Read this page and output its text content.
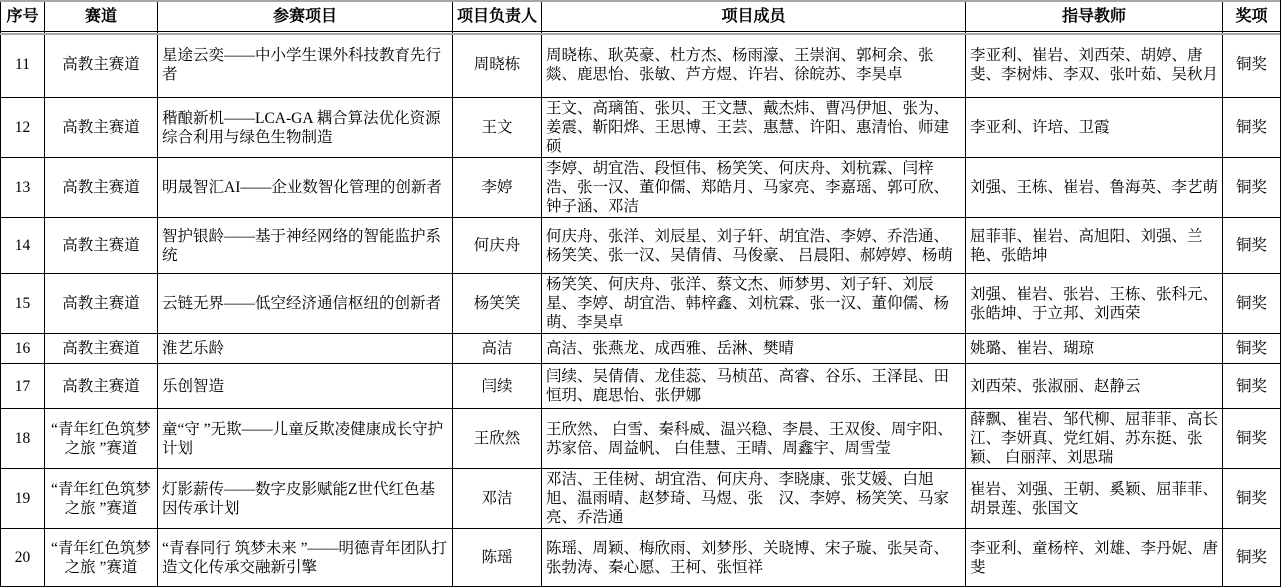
序号	赛道	参赛项目	项目负责人	项目成员	指导教师	奖项
11	高教主赛道	星途云奕——中小学生课外科技教育先行者	周晓栋	周晓栋、耿英豪、杜方杰、杨雨濠、王崇润、郭柯余、张燚、鹿思怡、张敏、芦方煜、许岩、徐皖苏、李昊卓	李亚利、崔岩、刘西荣、胡婷、唐斐、李树炜、李双、张叶茹、吴秋月	铜奖
12	高教主赛道	稭酿新机——LCA-GA 耦合算法优化资源综合利用与绿色生物制造	王文	王文、高璃笛、张贝、王文慧、戴杰炜、曹冯伊旭、张为、姜震、靳阳烨、王思博、王芸、惠慧、许阳、惠清怡、师建硕	李亚利、许培、卫霞	铜奖
13	高教主赛道	明晟智汇AI——企业数智化管理的创新者	李婷	李婷、胡宜浩、段恒伟、杨笑笑、何庆舟、刘杭霖、闫梓浩、张一汉、董仰儒、郑皓月、马家亮、李嘉瑶、郭可欣、钟子涵、邓洁	刘强、王栋、崔岩、鲁海英、李艺萌	铜奖
14	高教主赛道	智护银龄——基于神经网络的智能监护系统	何庆舟	何庆舟、张洋、刘辰星、刘子轩、胡宜浩、李婷、乔浩通、杨笑笑、张一汉、吴倩倩、马俊豪、 吕晨阳、郝婷婷、杨萌	屈菲菲、崔岩、高旭阳、刘强、兰艳、张皓坤	铜奖
15	高教主赛道	云链无界——低空经济通信枢纽的创新者	杨笑笑	杨笑笑、何庆舟、张洋、蔡文杰、师梦男、刘子轩、刘辰星、李婷、胡宜浩、韩梓鑫、刘杭霖、张一汉、董仰儒、杨萌、李昊卓	刘强、崔岩、张岩、王栋、张科元、张皓坤、于立邦、刘西荣	铜奖
16	高教主赛道	淮艺乐龄	高洁	高洁、张燕龙、成西雅、岳淋、樊晴	姚璐、崔岩、瑚琼	铜奖
17	高教主赛道	乐创智造	闫续	闫续、吴倩倩、龙佳蕊、马桢茁、高睿、谷乐、王泽昆、田恒玥、鹿思怡、张伊娜	刘西荣、张淑丽、赵静云	铜奖
18	“青年红色筑梦之旅 ”赛道	童“守 ”无欺——儿童反欺凌健康成长守护计划	王欣然	王欣然、 白雪、秦科威、温兴稳、李晨、王双俊、周宇阳、苏家倍、周益帆、 白佳慧、王晴、周鑫宇、周雪莹	薛飘、崔岩、邹代柳、屈菲菲、高长江、李妍真、党红娟、苏东挺、张颖、 白丽萍、刘思瑞	铜奖
19	“青年红色筑梦之旅 ”赛道	灯影薪传——数字皮影赋能Z世代红色基因传承计划	邓洁	邓洁、王佳树、胡宜浩、何庆舟、李晓康、张艾媛、白旭旭、温雨晴、赵梦琦、马煜、张　汉、李婷、杨笑笑、马家亮、乔浩通	崔岩、刘强、王朝、奚颖、屈菲菲、胡景莲、张国文	铜奖
20	“青年红色筑梦之旅 ”赛道	“青春同行 筑梦未来 ”——明德青年团队打造文化传承交融新引擎	陈瑶	陈瑶、周颖、梅欣雨、刘梦彤、关晓博、宋子璇、张吴奇、张勃涛、秦心愿、王柯、张恒祥	李亚利、童杨梓、刘雄、李丹妮、唐斐	铜奖
